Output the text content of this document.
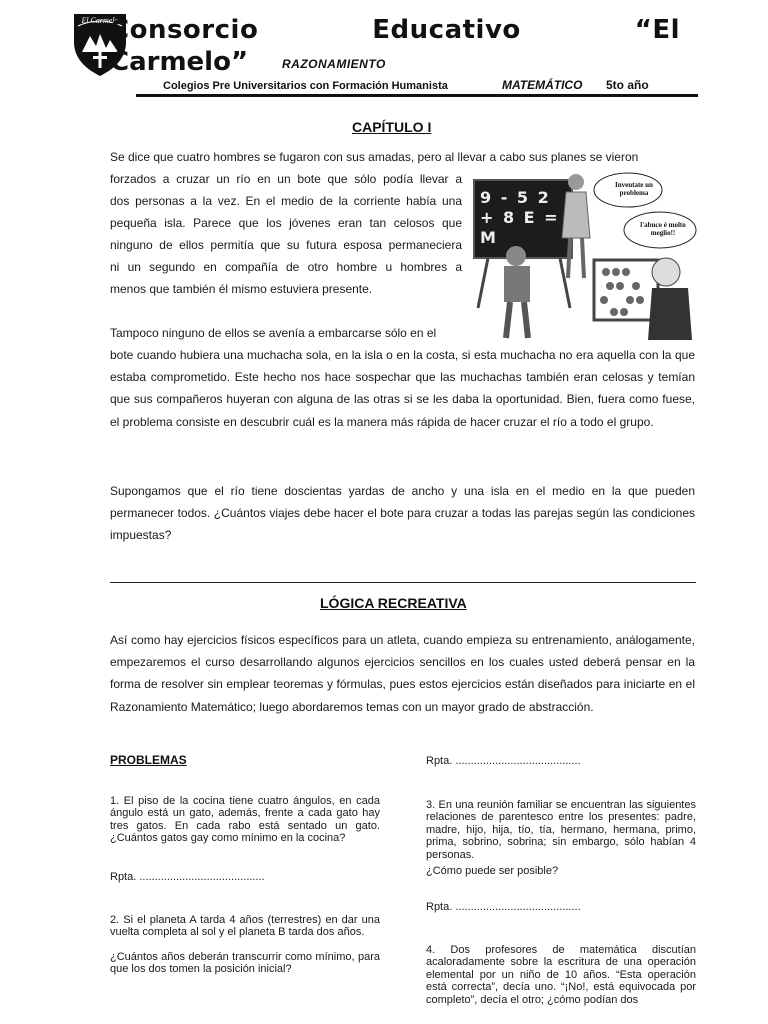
El Carmelo
Consorcio Educativo “El
Carmelo”	RAZONAMIENTO
Colegios Pre Universitarios con Formación Humanista	MATEMÁTICO 5to año
CAPÍTULO I
Se dice que cuatro hombres se fugaron con sus amadas, pero al llevar a cabo sus planes se vieron
forzados a cruzar un río en un bote que sólo podía llevar a
dos personas a la vez. En el medio de la corriente había una
pequeña isla. Parece que los jóvenes eran tan celosos que
ninguno de ellos permitía que su futura esposa permaneciera
ni un segundo en compañía de otro hombre u hombres a
menos que también él mismo estuviera presente.
Tampoco ninguno de ellos se avenía a embarcarse sólo en el
bote cuando hubiera una muchacha sola, en la isla o en la costa, si esta muchacha no era aquella con la que estaba comprometido. Este hecho nos hace sospechar que las muchachas también eran celosas y temían que sus compañeros huyeran con alguna de las otras si se les daba la oportunidad. Bien, fuera como fuese, el problema consiste en descubrir cuál es la manera más rápida de hacer cruzar el río a todo el grupo.
Supongamos que el río tiene doscientas yardas de ancho y una isla en el medio en la que pueden permanecer todos. ¿Cuántos viajes debe hacer el bote para cruzar a todas las parejas según las condiciones impuestas?
Inventate un problema
l'abuco é molto meglio!!
9 - 5 2 + 8 E = M
LÓGICA RECREATIVA
Así como hay ejercicios físicos específicos para un atleta, cuando empieza su entrenamiento, análogamente, empezaremos el curso desarrollando algunos ejercicios sencillos en los cuales usted deberá pensar en la forma de resolver sin emplear teoremas y fórmulas, pues estos ejercicios están diseñados para iniciarte en el Razonamiento Matemático; luego abordaremos temas con un mayor grado de abstracción.
PROBLEMAS
1. El piso de la cocina tiene cuatro ángulos, en cada ángulo está un gato, además, frente a cada gato hay tres gatos. En cada rabo está sentado un gato. ¿Cuántos gatos gay como mínimo en la cocina?
Rpta. .........................................
2. Si el planeta A tarda 4 años (terrestres) en dar una vuelta completa al sol y el planeta B tarda dos años.
¿Cuántos años deberán transcurrir como mínimo, para que los dos tomen la posición inicial?
Rpta. .........................................
3. En una reunión familiar se encuentran las siguientes relaciones de parentesco entre los presentes: padre, madre, hijo, hija, tío, tía, hermano, hermana, primo, prima, sobrino, sobrina; sin embargo, sólo habían 4 personas.
¿Cómo puede ser posible?
Rpta. .........................................
4. Dos profesores de matemática discutían acaloradamente sobre la escritura de una operación elemental por un niño de 10 años. “Esta operación está correcta”, decía uno. “¡No!, está equivocada por completo”, decía el otro; ¿cómo podían dos
